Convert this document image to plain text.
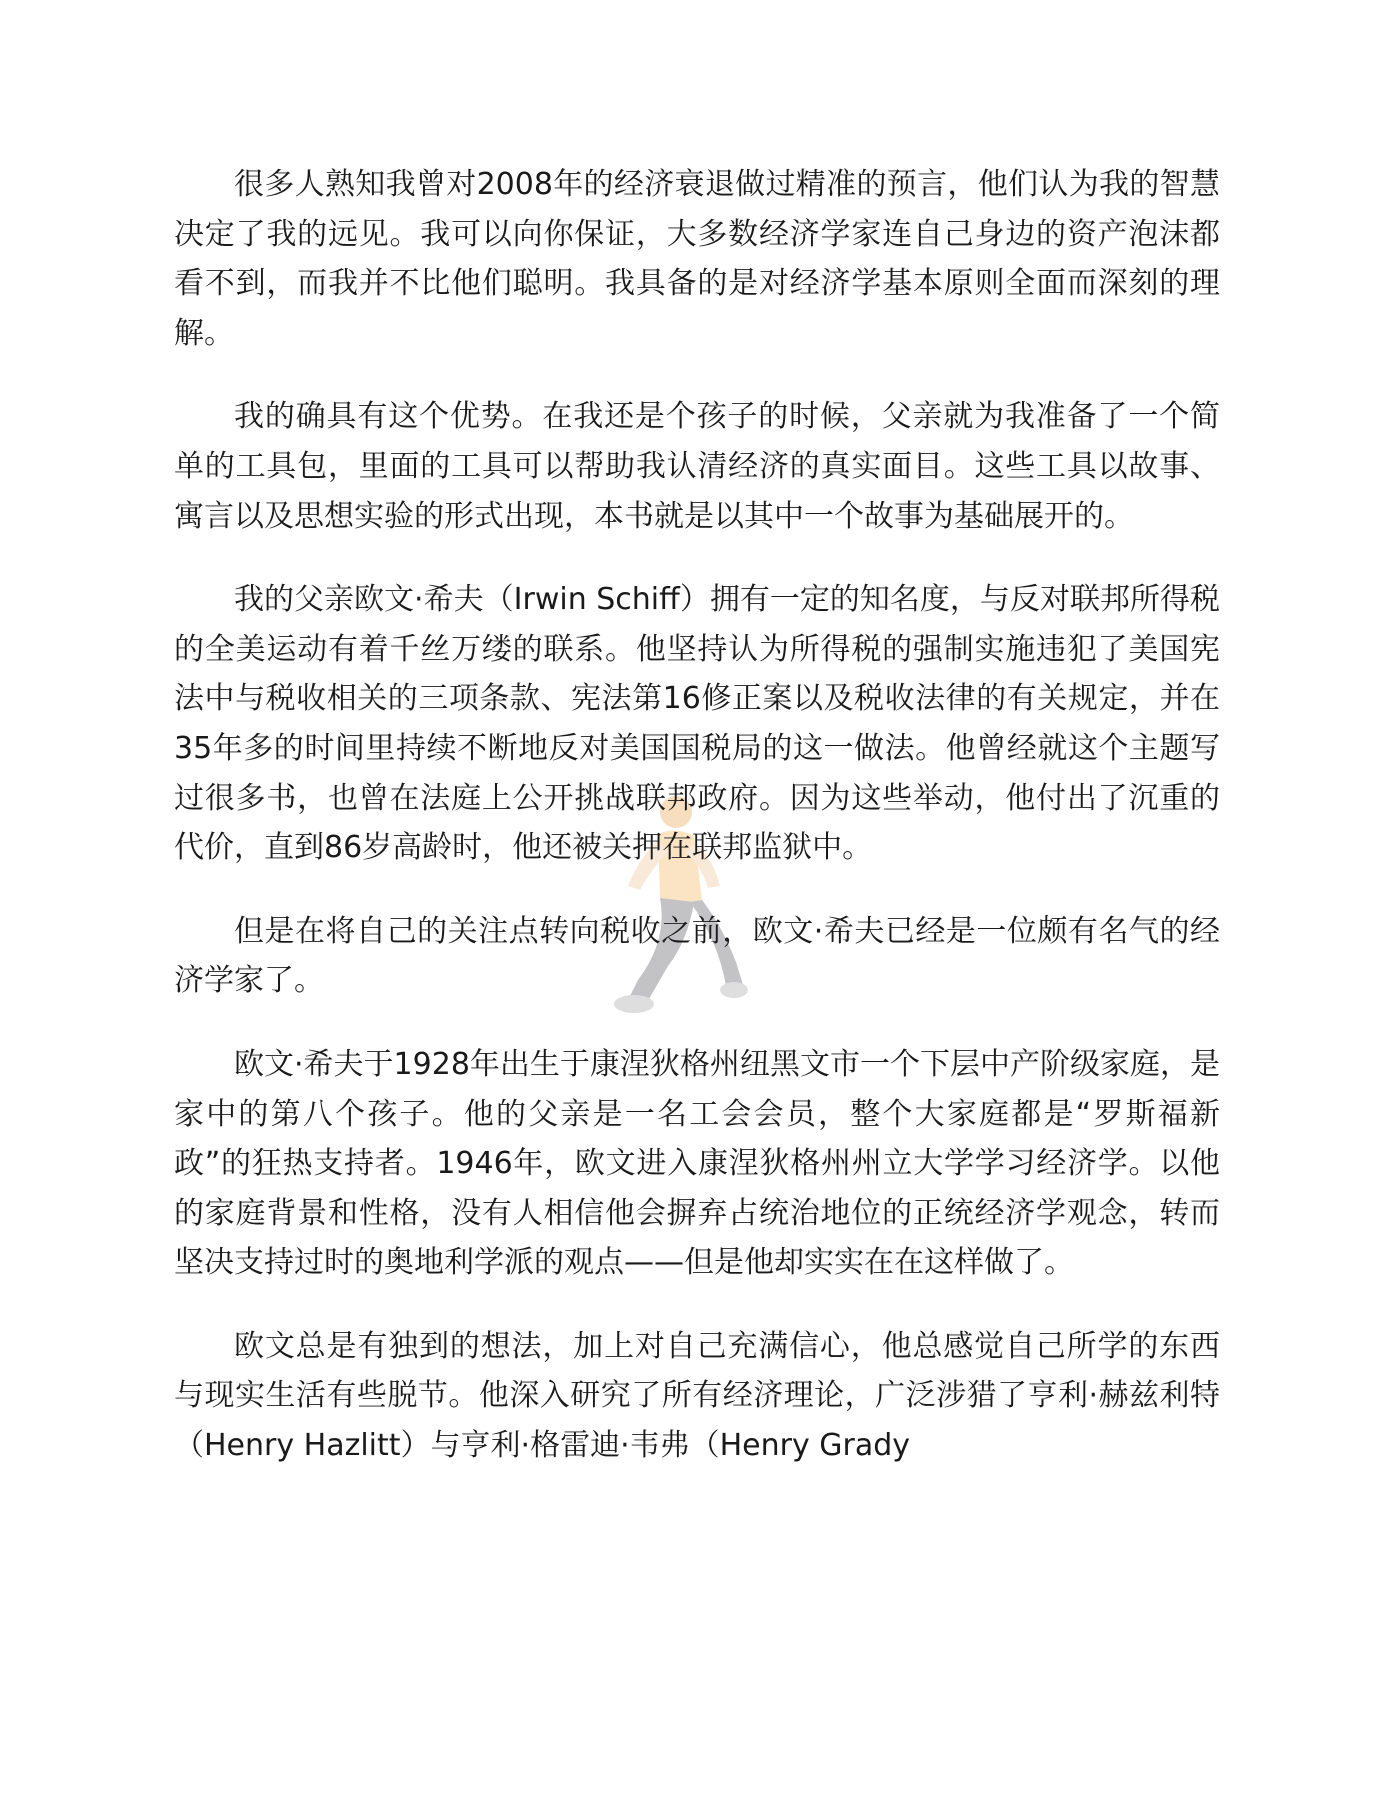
很多人熟知我曾对2008年的经济衰退做过精准的预言，他们认为我的智慧决定了我的远见。我可以向你保证，大多数经济学家连自己身边的资产泡沫都看不到，而我并不比他们聪明。我具备的是对经济学基本原则全面而深刻的理解。

我的确具有这个优势。在我还是个孩子的时候，父亲就为我准备了一个简单的工具包，里面的工具可以帮助我认清经济的真实面目。这些工具以故事、寓言以及思想实验的形式出现，本书就是以其中一个故事为基础展开的。

我的父亲欧文·希夫（Irwin Schiff）拥有一定的知名度，与反对联邦所得税的全美运动有着千丝万缕的联系。他坚持认为所得税的强制实施违犯了美国宪法中与税收相关的三项条款、宪法第16修正案以及税收法律的有关规定，并在35年多的时间里持续不断地反对美国国税局的这一做法。他曾经就这个主题写过很多书，也曾在法庭上公开挑战联邦政府。因为这些举动，他付出了沉重的代价，直到86岁高龄时，他还被关押在联邦监狱中。

但是在将自己的关注点转向税收之前，欧文·希夫已经是一位颇有名气的经济学家了。

欧文·希夫于1928年出生于康涅狄格州纽黑文市一个下层中产阶级家庭，是家中的第八个孩子。他的父亲是一名工会会员，整个大家庭都是“罗斯福新政”的狂热支持者。1946年，欧文进入康涅狄格州州立大学学习经济学。以他的家庭背景和性格，没有人相信他会摒弃占统治地位的正统经济学观念，转而坚决支持过时的奥地利学派的观点——但是他却实实在在这样做了。

欧文总是有独到的想法，加上对自己充满信心，他总感觉自己所学的东西与现实生活有些脱节。他深入研究了所有经济理论，广泛涉猎了亨利·赫兹利特（Henry Hazlitt）与亨利·格雷迪·韦弗（Henry Grady
